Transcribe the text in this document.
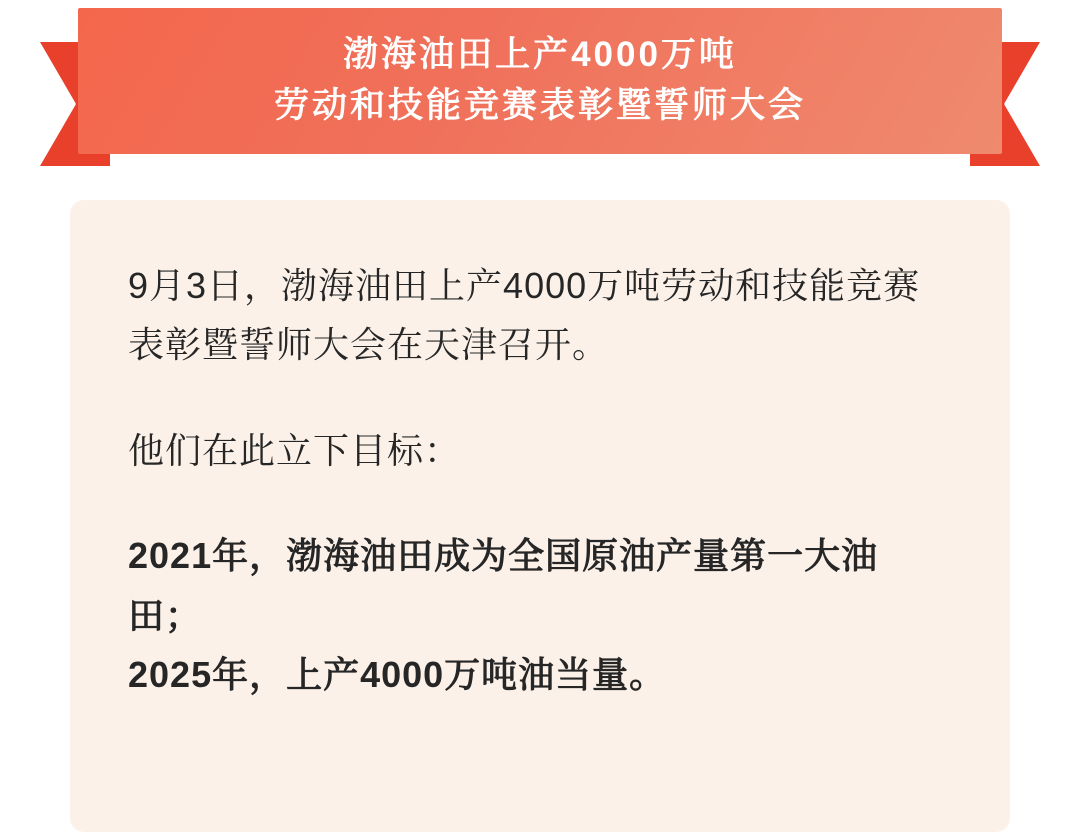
渤海油田上产4000万吨
劳动和技能竞赛表彰暨誓师大会

9月3日，渤海油田上产4000万吨劳动和技能竞赛表彰暨誓师大会在天津召开。

他们在此立下目标：

2021年，渤海油田成为全国原油产量第一大油田；

2025年，上产4000万吨油当量。
